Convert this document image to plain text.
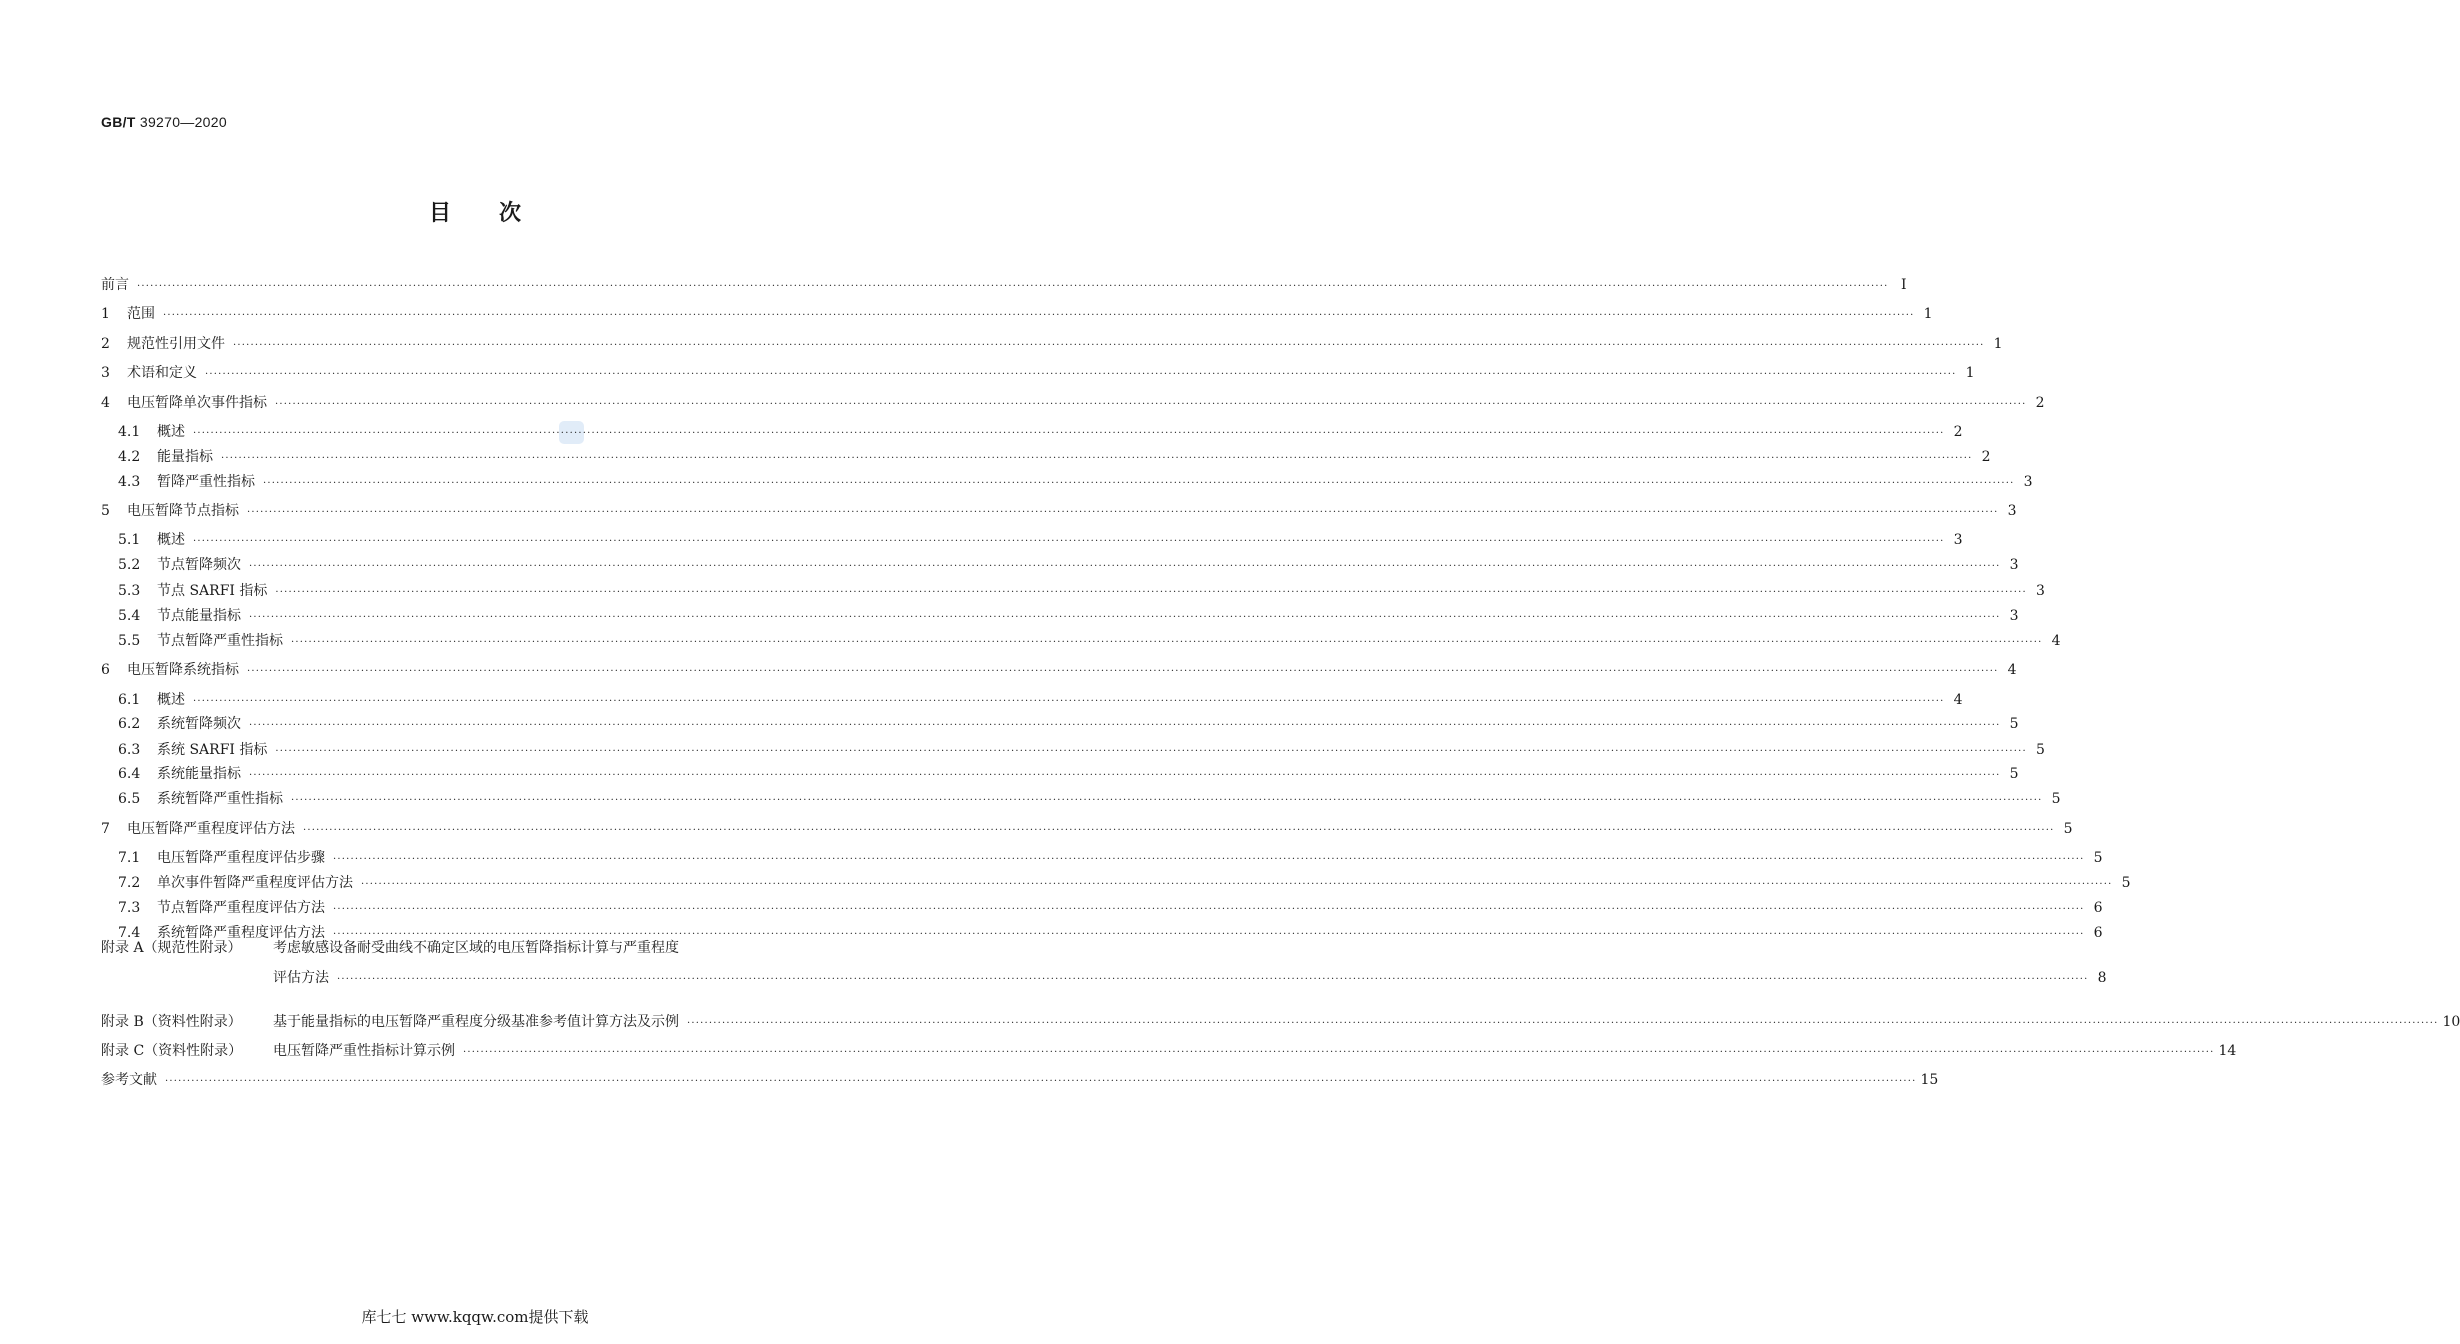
GB/T 39270—2020
目次
前言 ················································································································································································································································································································································································································ Ⅰ
1	范围 ················································································································································································································································································································································································································ 1
2	规范性引用文件 ················································································································································································································································································································································································································ 1
3	术语和定义 ················································································································································································································································································································································································································ 1
4	电压暂降单次事件指标 ················································································································································································································································································································································································································ 2
4.1	概述 ················································································································································································································································································································································································································ 2
4.2	能量指标 ················································································································································································································································································································································································································ 2
4.3	暂降严重性指标 ················································································································································································································································································································································································································ 3
5	电压暂降节点指标 ················································································································································································································································································································································································································ 3
5.1	概述 ················································································································································································································································································································································································································ 3
5.2	节点暂降频次 ················································································································································································································································································································································································································ 3
5.3	节点 SARFI 指标 ················································································································································································································································································································································································································ 3
5.4	节点能量指标 ················································································································································································································································································································································································································ 3
5.5	节点暂降严重性指标 ················································································································································································································································································································································································································ 4
6	电压暂降系统指标 ················································································································································································································································································································································································································ 4
6.1	概述 ················································································································································································································································································································································································································ 4
6.2	系统暂降频次 ················································································································································································································································································································································································································ 5
6.3	系统 SARFI 指标 ················································································································································································································································································································································································································ 5
6.4	系统能量指标 ················································································································································································································································································································································································································ 5
6.5	系统暂降严重性指标 ················································································································································································································································································································································································································ 5
7	电压暂降严重程度评估方法 ················································································································································································································································································································································································································ 5
7.1	电压暂降严重程度评估步骤 ················································································································································································································································································································································································································ 5
7.2	单次事件暂降严重程度评估方法 ················································································································································································································································································································································································································ 5
7.3	节点暂降严重程度评估方法 ················································································································································································································································································································································································································ 6
7.4	系统暂降严重程度评估方法 ················································································································································································································································································································································································································ 6
附录 A（规范性附录）	考虑敏感设备耐受曲线不确定区域的电压暂降指标计算与严重程度
评估方法 ················································································································································································································································································································································································································ 8
附录 B（资料性附录）	基于能量指标的电压暂降严重程度分级基准参考值计算方法及示例 ················································································································································································································································································································································································································ 10
附录 C（资料性附录）	电压暂降严重性指标计算示例 ················································································································································································································································································································································································································ 14
参考文献 ················································································································································································································································································································································································································ 15
库七七 www.kqqw.com提供下载
